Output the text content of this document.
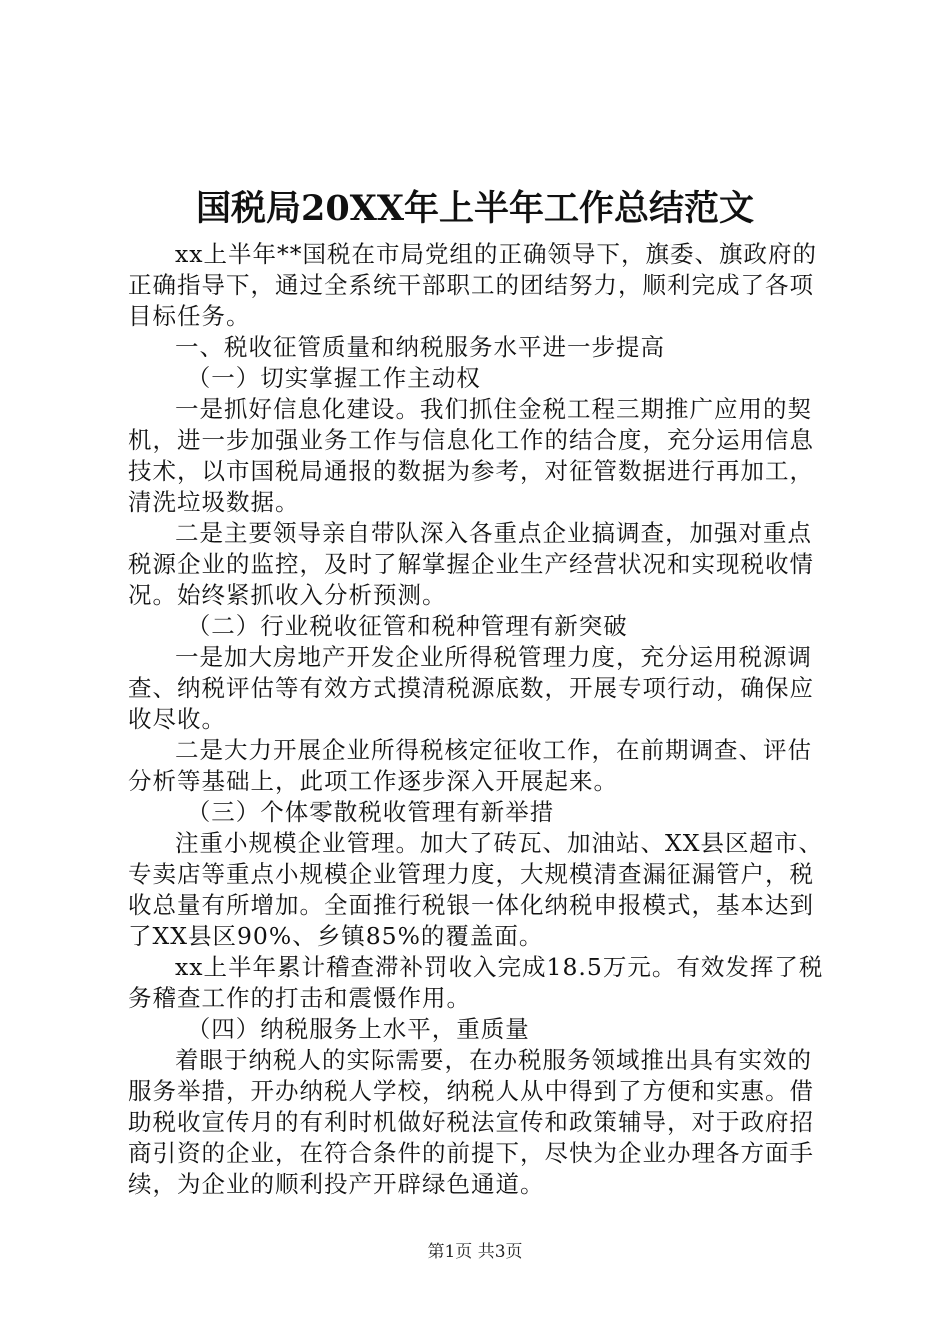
国税局20XX年上半年工作总结范文

xx上半年**国税在市局党组的正确领导下，旗委、旗政府的正确指导下，通过全系统干部职工的团结努力，顺利完成了各项目标任务。

一、税收征管质量和纳税服务水平进一步提高

（一）切实掌握工作主动权

一是抓好信息化建设。我们抓住金税工程三期推广应用的契机，进一步加强业务工作与信息化工作的结合度，充分运用信息技术，以市国税局通报的数据为参考，对征管数据进行再加工，清洗垃圾数据。

二是主要领导亲自带队深入各重点企业搞调查，加强对重点税源企业的监控，及时了解掌握企业生产经营状况和实现税收情况。始终紧抓收入分析预测。

（二）行业税收征管和税种管理有新突破

一是加大房地产开发企业所得税管理力度，充分运用税源调查、纳税评估等有效方式摸清税源底数，开展专项行动，确保应收尽收。

二是大力开展企业所得税核定征收工作，在前期调查、评估分析等基础上，此项工作逐步深入开展起来。

（三）个体零散税收管理有新举措

注重小规模企业管理。加大了砖瓦、加油站、XX县区超市、专卖店等重点小规模企业管理力度，大规模清查漏征漏管户，税收总量有所增加。全面推行税银一体化纳税申报模式，基本达到了XX县区90%、乡镇85%的覆盖面。

xx上半年累计稽查滞补罚收入完成18.5万元。有效发挥了税务稽查工作的打击和震慑作用。

（四）纳税服务上水平，重质量

着眼于纳税人的实际需要，在办税服务领域推出具有实效的服务举措，开办纳税人学校，纳税人从中得到了方便和实惠。借助税收宣传月的有利时机做好税法宣传和政策辅导，对于政府招商引资的企业，在符合条件的前提下，尽快为企业办理各方面手续，为企业的顺利投产开辟绿色通道。

第1页 共3页
